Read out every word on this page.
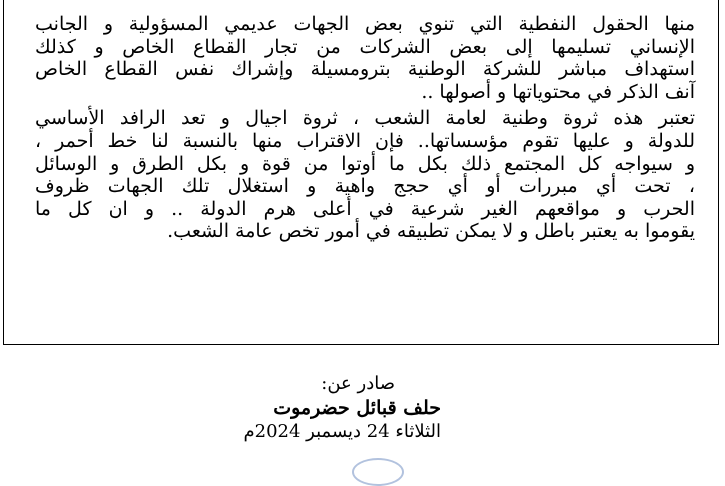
منها الحقول النفطية التي تنوي بعض الجهات عديمي المسؤولية و الجانب
الإنساني تسليمها إلى بعض الشركات من تجار القطاع الخاص و كذلك
استهداف مباشر للشركة الوطنية بترومسيلة وإشراك نفس القطاع الخاص
آنف الذكر في محتوياتها و أصولها ..
تعتبر هذه ثروة وطنية لعامة الشعب ، ثروة اجيال و تعد الرافد الأساسي
للدولة و عليها تقوم مؤسساتها.. فإن الاقتراب منها بالنسبة لنا خط أحمر ،
و سيواجه كل المجتمع ذلك بكل ما أوتوا من قوة و بكل الطرق و الوسائل
، تحت أي مبررات أو أي حجج واهية و استغلال تلك الجهات ظروف
الحرب و مواقعهم الغير شرعية في أعلى هرم الدولة .. و ان كل ما
يقوموا به يعتبر باطل و لا يمكن تطبيقه في أمور تخص عامة الشعب.
صادر عن:
حلف قبائل حضرموت
الثلاثاء 24 ديسمبر 2024م
